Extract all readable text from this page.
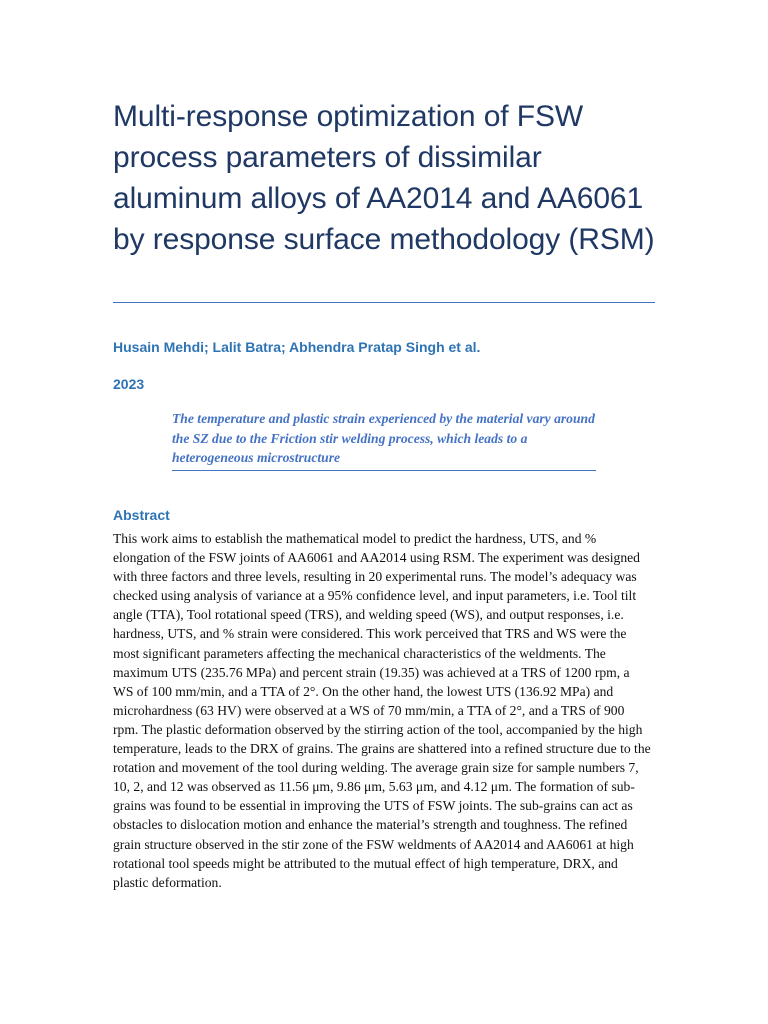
Multi-response optimization of FSW process parameters of dissimilar aluminum alloys of AA2014 and AA6061 by response surface methodology (RSM)

Husain Mehdi; Lalit Batra; Abhendra Pratap Singh et al.

2023

The temperature and plastic strain experienced by the material vary around the SZ due to the Friction stir welding process, which leads to a heterogeneous microstructure

Abstract

This work aims to establish the mathematical model to predict the hardness, UTS, and % elongation of the FSW joints of AA6061 and AA2014 using RSM. The experiment was designed with three factors and three levels, resulting in 20 experimental runs. The model’s adequacy was checked using analysis of variance at a 95% confidence level, and input parameters, i.e. Tool tilt angle (TTA), Tool rotational speed (TRS), and welding speed (WS), and output responses, i.e. hardness, UTS, and % strain were considered. This work perceived that TRS and WS were the most significant parameters affecting the mechanical characteristics of the weldments. The maximum UTS (235.76 MPa) and percent strain (19.35) was achieved at a TRS of 1200 rpm, a WS of 100 mm/min, and a TTA of 2°. On the other hand, the lowest UTS (136.92 MPa) and microhardness (63 HV) were observed at a WS of 70 mm/min, a TTA of 2°, and a TRS of 900 rpm. The plastic deformation observed by the stirring action of the tool, accompanied by the high temperature, leads to the DRX of grains. The grains are shattered into a refined structure due to the rotation and movement of the tool during welding. The average grain size for sample numbers 7, 10, 2, and 12 was observed as 11.56 μm, 9.86 μm, 5.63 μm, and 4.12 μm. The formation of sub-grains was found to be essential in improving the UTS of FSW joints. The sub-grains can act as obstacles to dislocation motion and enhance the material’s strength and toughness. The refined grain structure observed in the stir zone of the FSW weldments of AA2014 and AA6061 at high rotational tool speeds might be attributed to the mutual effect of high temperature, DRX, and plastic deformation.
